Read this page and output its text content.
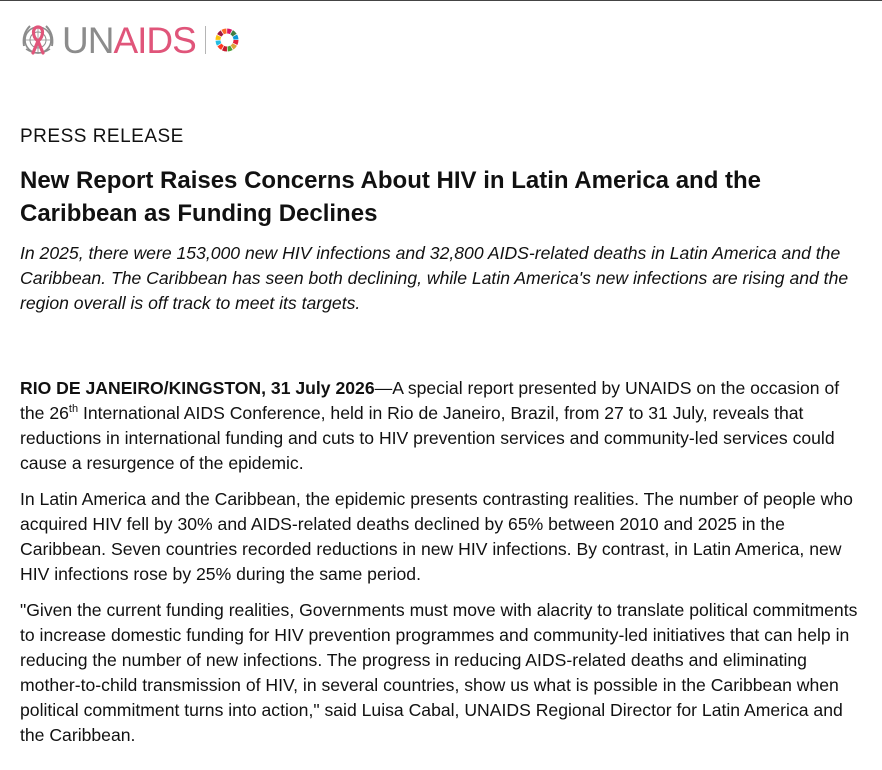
UNAIDS
PRESS RELEASE
New Report Raises Concerns About HIV in Latin America and the Caribbean as Funding Declines

In 2025, there were 153,000 new HIV infections and 32,800 AIDS-related deaths in Latin America and the Caribbean. The Caribbean has seen both declining, while Latin America's new infections are rising and the region overall is off track to meet its targets.

RIO DE JANEIRO/KINGSTON, 31 July 2026—A special report presented by UNAIDS on the occasion of the 26th International AIDS Conference, held in Rio de Janeiro, Brazil, from 27 to 31 July, reveals that reductions in international funding and cuts to HIV prevention services and community-led services could cause a resurgence of the epidemic.

In Latin America and the Caribbean, the epidemic presents contrasting realities. The number of people who acquired HIV fell by 30% and AIDS-related deaths declined by 65% between 2010 and 2025 in the Caribbean. Seven countries recorded reductions in new HIV infections. By contrast, in Latin America, new HIV infections rose by 25% during the same period.

"Given the current funding realities, Governments must move with alacrity to translate political commitments to increase domestic funding for HIV prevention programmes and community-led initiatives that can help in reducing the number of new infections. The progress in reducing AIDS-related deaths and eliminating mother-to-child transmission of HIV, in several countries, show us what is possible in the Caribbean when political commitment turns into action," said Luisa Cabal, UNAIDS Regional Director for Latin America and the Caribbean.
